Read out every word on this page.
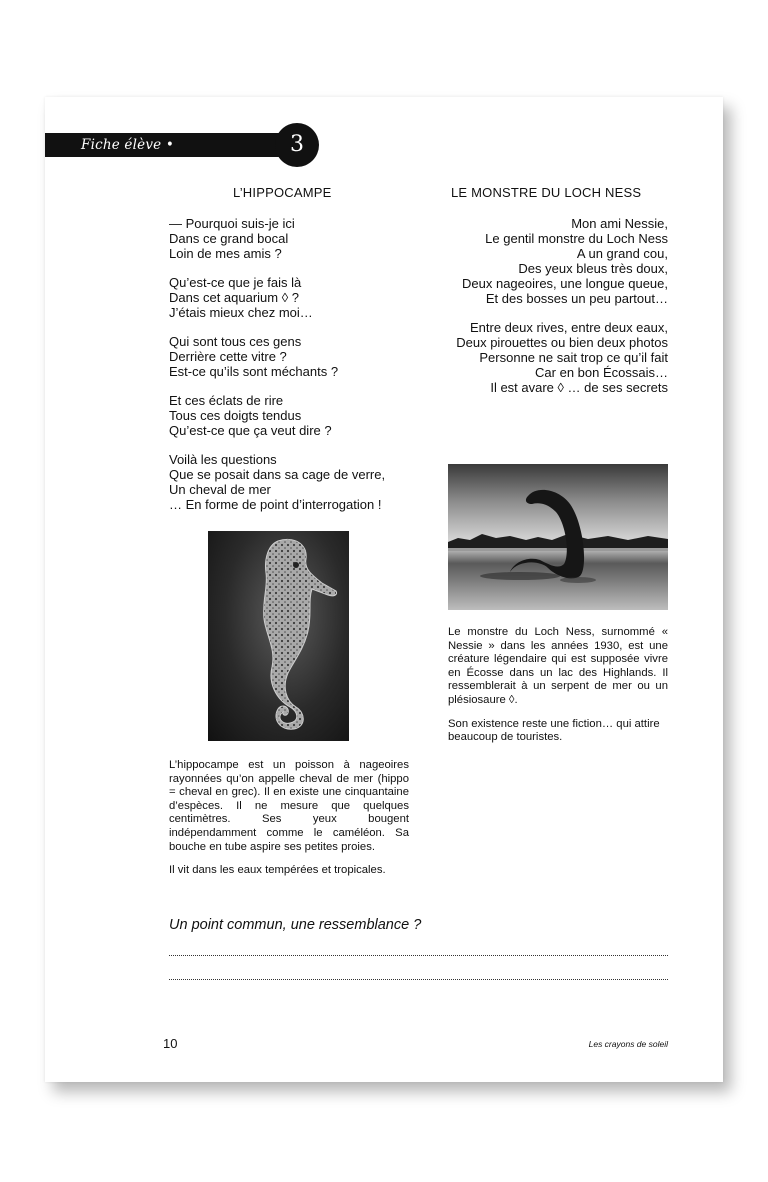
Fiche élève • Compréhension
3
L’HIPPOCAMPE
— Pourquoi suis-je ici
Dans ce grand bocal
Loin de mes amis ?
Qu’est-ce que je fais là
Dans cet aquarium ◊ ?
J’étais mieux chez moi…
Qui sont tous ces gens
Derrière cette vitre ?
Est-ce qu’ils sont méchants ?
Et ces éclats de rire
Tous ces doigts tendus
Qu’est-ce que ça veut dire ?
Voilà les questions
Que se posait dans sa cage de verre,
Un cheval de mer
… En forme de point d’interrogation !

L’hippocampe est un poisson à nageoires rayonnées qu’on appelle cheval de mer (hippo = cheval en grec). Il en existe une cinquantaine d’espèces. Il ne mesure que quelques centimètres. Ses yeux bougent indépendamment comme le caméléon. Sa bouche en tube aspire ses petites proies.

Il vit dans les eaux tempérées et tropicales.

LE MONSTRE DU LOCH NESS
Mon ami Nessie,
Le gentil monstre du Loch Ness
A un grand cou,
Des yeux bleus très doux,
Deux nageoires, une longue queue,
Et des bosses un peu partout…
Entre deux rives, entre deux eaux,
Deux pirouettes ou bien deux photos
Personne ne sait trop ce qu’il fait
Car en bon Écossais…
Il est avare ◊ … de ses secrets

Le monstre du Loch Ness, surnommé « Nessie » dans les années 1930, est une créature légendaire qui est supposée vivre en Écosse dans un lac des Highlands. Il ressemblerait à un serpent de mer ou un plésiosaure ◊.

Son existence reste une fiction… qui attire beaucoup de touristes.

Un point commun, une ressemblance ?
10	Les crayons de soleil
